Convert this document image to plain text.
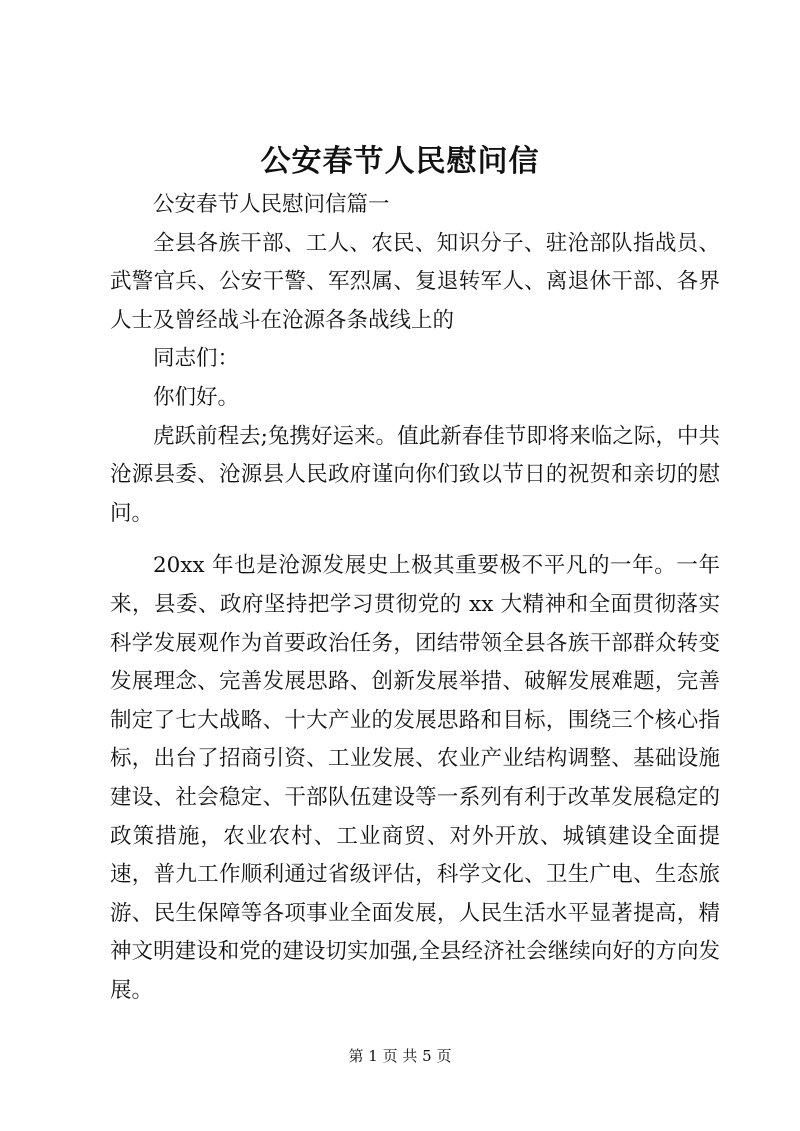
公安春节人民慰问信

公安春节人民慰问信篇一

全县各族干部、工人、农民、知识分子、驻沧部队指战员、武警官兵、公安干警、军烈属、复退转军人、离退休干部、各界人士及曾经战斗在沧源各条战线上的

同志们：

你们好。

虎跃前程去;兔携好运来。值此新春佳节即将来临之际，中共沧源县委、沧源县人民政府谨向你们致以节日的祝贺和亲切的慰问。

20xx 年也是沧源发展史上极其重要极不平凡的一年。一年来，县委、政府坚持把学习贯彻党的 xx 大精神和全面贯彻落实科学发展观作为首要政治任务，团结带领全县各族干部群众转变发展理念、完善发展思路、创新发展举措、破解发展难题，完善制定了七大战略、十大产业的发展思路和目标，围绕三个核心指标，出台了招商引资、工业发展、农业产业结构调整、基础设施建设、社会稳定、干部队伍建设等一系列有利于改革发展稳定的政策措施，农业农村、工业商贸、对外开放、城镇建设全面提速，普九工作顺利通过省级评估，科学文化、卫生广电、生态旅游、民生保障等各项事业全面发展，人民生活水平显著提高，精神文明建设和党的建设切实加强,全县经济社会继续向好的方向发展。

第 1 页 共 5 页
